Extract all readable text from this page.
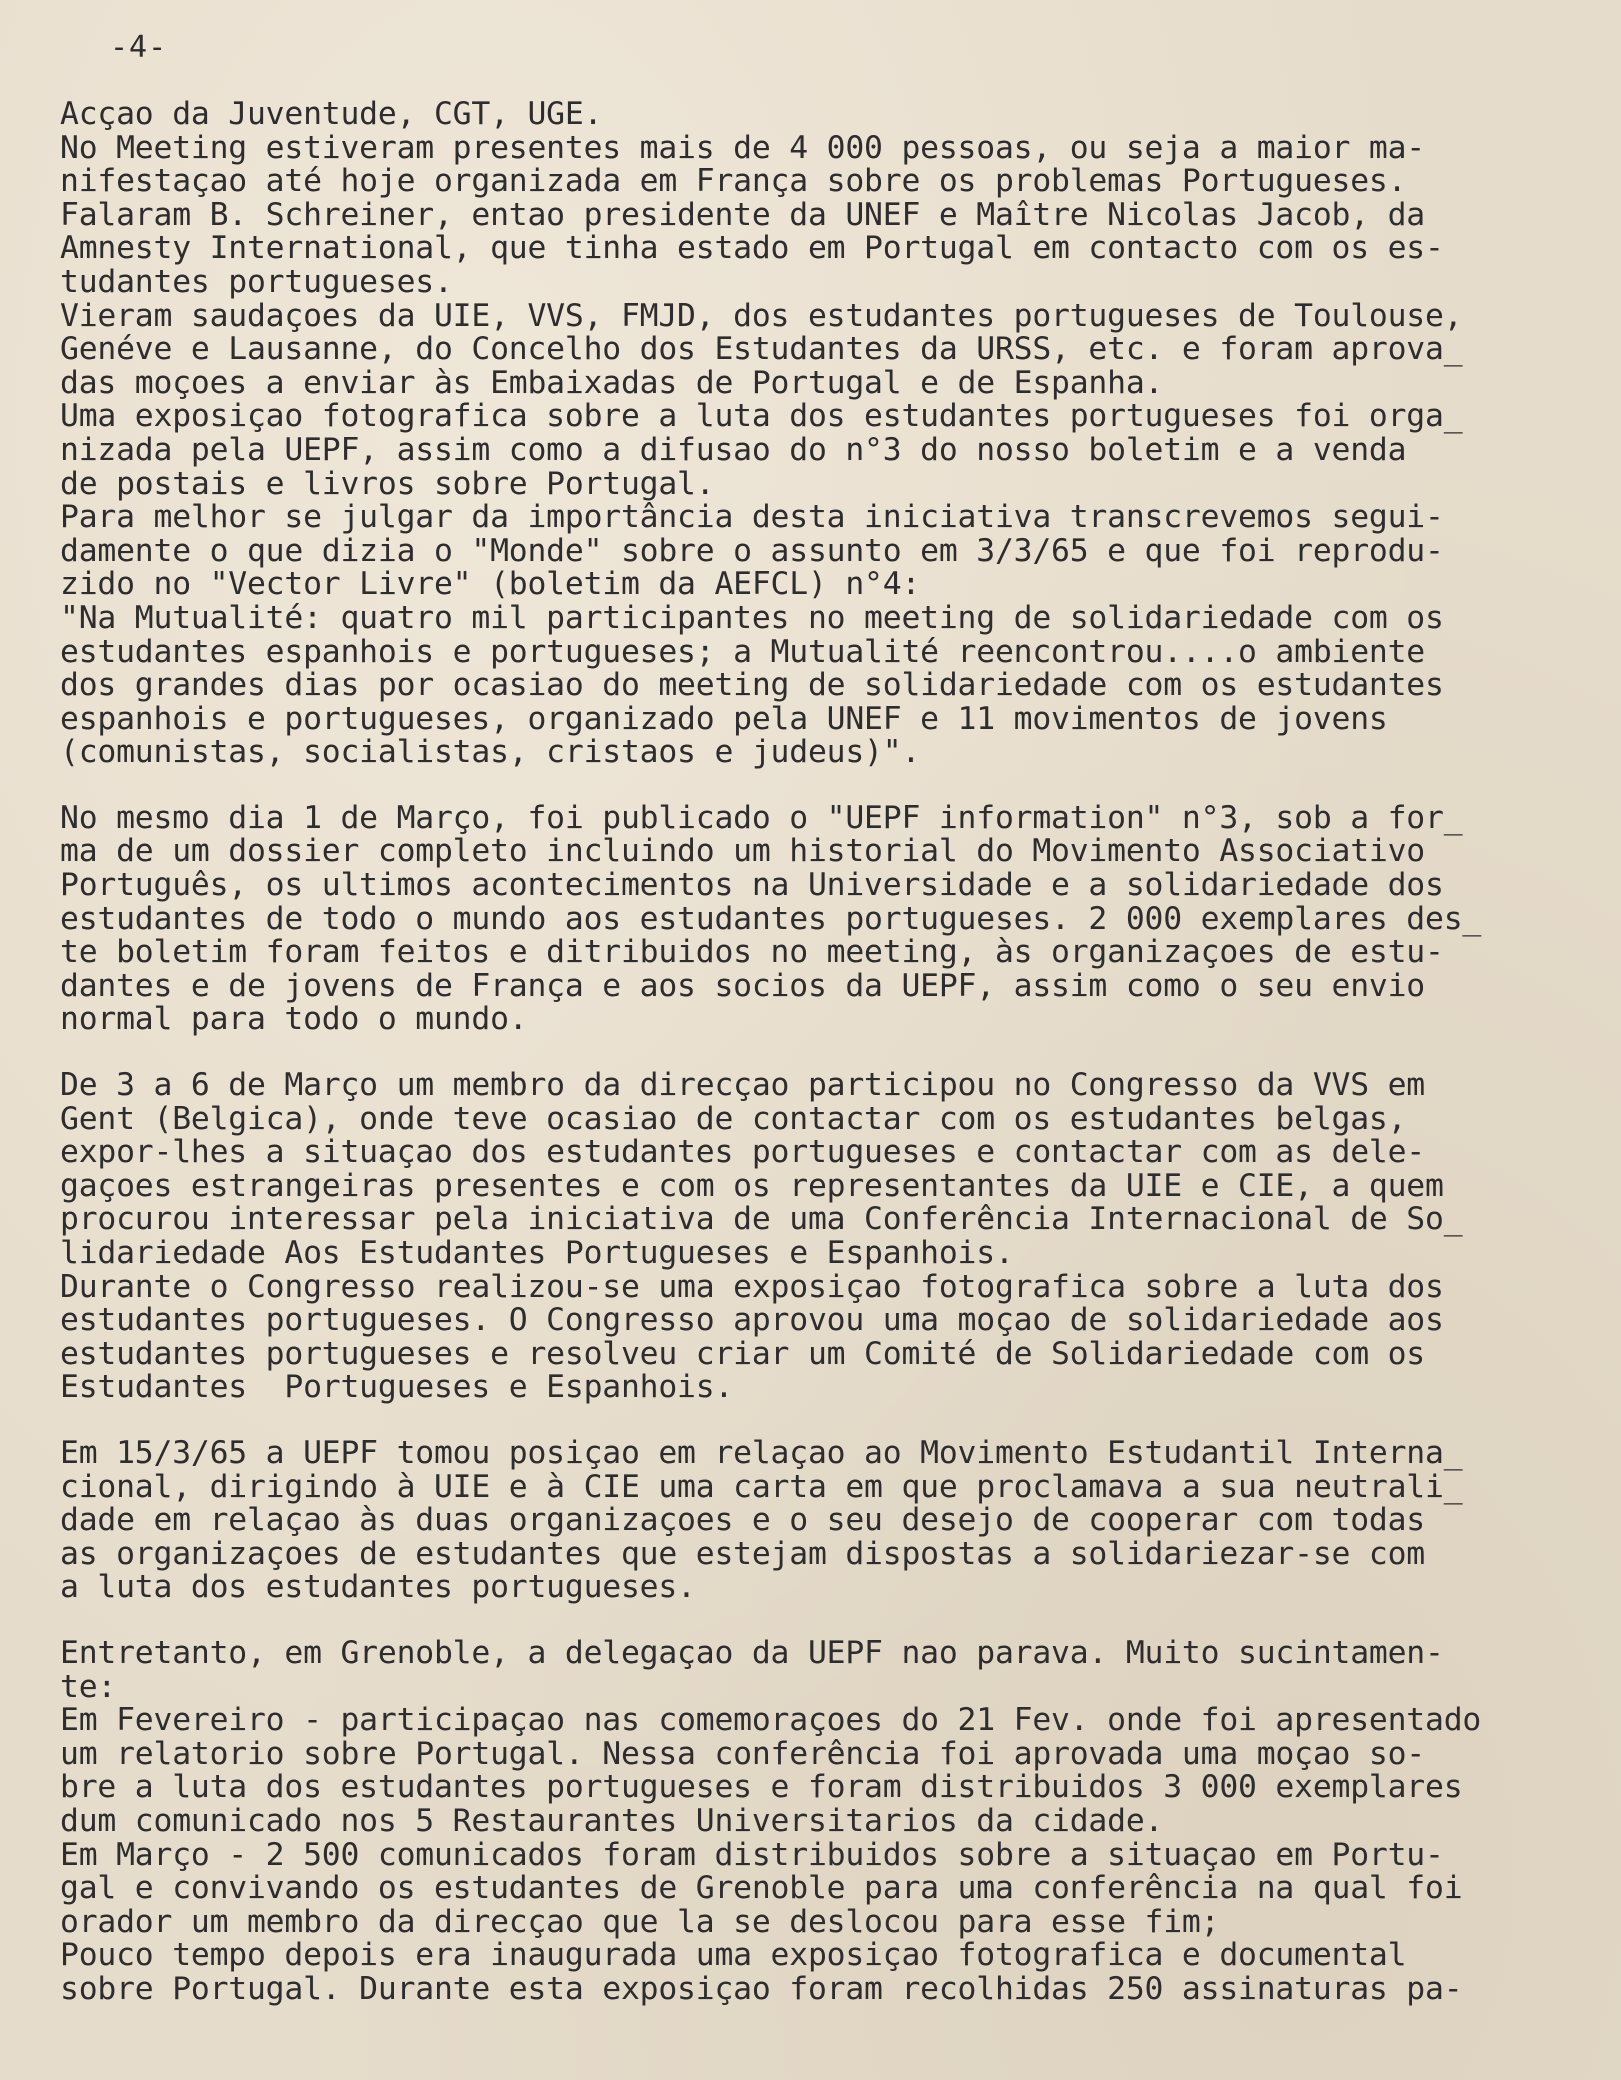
-4-
Acçao da Juventude, CGT, UGE.
No Meeting estiveram presentes mais de 4 000 pessoas, ou seja a maior ma-
nifestaçao até hoje organizada em França sobre os problemas Portugueses.
Falaram B. Schreiner, entao presidente da UNEF e Maître Nicolas Jacob, da
Amnesty International, que tinha estado em Portugal em contacto com os es-
tudantes portugueses.
Vieram saudaçoes da UIE, VVS, FMJD, dos estudantes portugueses de Toulouse,
Genéve e Lausanne, do Concelho dos Estudantes da URSS, etc. e foram aprova_
das moçoes a enviar às Embaixadas de Portugal e de Espanha.
Uma exposiçao fotografica sobre a luta dos estudantes portugueses foi orga_
nizada pela UEPF, assim como a difusao do n°3 do nosso boletim e a venda
de postais e livros sobre Portugal.
Para melhor se julgar da importância desta iniciativa transcrevemos segui-
damente o que dizia o "Monde" sobre o assunto em 3/3/65 e que foi reprodu-
zido no "Vector Livre" (boletim da AEFCL) n°4:
"Na Mutualité: quatro mil participantes no meeting de solidariedade com os
estudantes espanhois e portugueses; a Mutualité reencontrou....o ambiente
dos grandes dias por ocasiao do meeting de solidariedade com os estudantes
espanhois e portugueses, organizado pela UNEF e 11 movimentos de jovens
(comunistas, socialistas, cristaos e judeus)".
No mesmo dia 1 de Março, foi publicado o "UEPF information" n°3, sob a for_
ma de um dossier completo incluindo um historial do Movimento Associativo
Português, os ultimos acontecimentos na Universidade e a solidariedade dos
estudantes de todo o mundo aos estudantes portugueses. 2 000 exemplares des_
te boletim foram feitos e ditribuidos no meeting, às organizaçoes de estu-
dantes e de jovens de França e aos socios da UEPF, assim como o seu envio
normal para todo o mundo.
De 3 a 6 de Março um membro da direcçao participou no Congresso da VVS em
Gent (Belgica), onde teve ocasiao de contactar com os estudantes belgas,
expor-lhes a situaçao dos estudantes portugueses e contactar com as dele-
gaçoes estrangeiras presentes e com os representantes da UIE e CIE, a quem
procurou interessar pela iniciativa de uma Conferência Internacional de So_
lidariedade Aos Estudantes Portugueses e Espanhois.
Durante o Congresso realizou-se uma exposiçao fotografica sobre a luta dos
estudantes portugueses. O Congresso aprovou uma moçao de solidariedade aos
estudantes portugueses e resolveu criar um Comité de Solidariedade com os
Estudantes  Portugueses e Espanhois.
Em 15/3/65 a UEPF tomou posiçao em relaçao ao Movimento Estudantil Interna_
cional, dirigindo à UIE e à CIE uma carta em que proclamava a sua neutrali_
dade em relaçao às duas organizaçoes e o seu desejo de cooperar com todas
as organizaçoes de estudantes que estejam dispostas a solidariezar-se com
a luta dos estudantes portugueses.
Entretanto, em Grenoble, a delegaçao da UEPF nao parava. Muito sucintamen-
te:
Em Fevereiro - participaçao nas comemoraçoes do 21 Fev. onde foi apresentado
um relatorio sobre Portugal. Nessa conferência foi aprovada uma moçao so-
bre a luta dos estudantes portugueses e foram distribuidos 3 000 exemplares
dum comunicado nos 5 Restaurantes Universitarios da cidade.
Em Março - 2 500 comunicados foram distribuidos sobre a situaçao em Portu-
gal e convivando os estudantes de Grenoble para uma conferência na qual foi
orador um membro da direcçao que la se deslocou para esse fim;
Pouco tempo depois era inaugurada uma exposiçao fotografica e documental
sobre Portugal. Durante esta exposiçao foram recolhidas 250 assinaturas pa-
